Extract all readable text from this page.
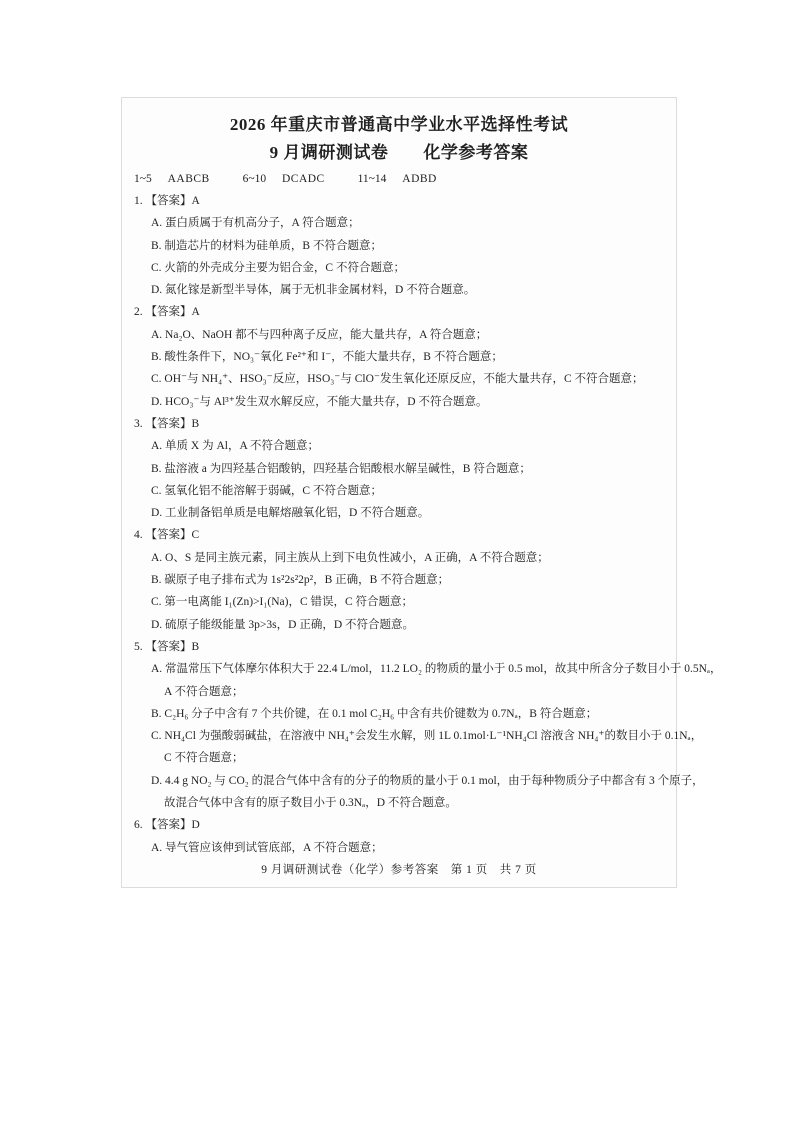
2026 年重庆市普通高中学业水平选择性考试
9 月调研测试卷　　化学参考答案
1~5 AABCB	6~10 DCADC	11~14 ADBD
1. 【答案】A
A. 蛋白质属于有机高分子，A 符合题意；
B. 制造芯片的材料为硅单质，B 不符合题意；
C. 火箭的外壳成分主要为铝合金，C 不符合题意；
D. 氮化镓是新型半导体，属于无机非金属材料，D 不符合题意。
2. 【答案】A
A. Na₂O、NaOH 都不与四种离子反应，能大量共存，A 符合题意；
B. 酸性条件下，NO₃⁻氧化 Fe²⁺和 I⁻，不能大量共存，B 不符合题意；
C. OH⁻与 NH₄⁺、HSO₃⁻反应，HSO₃⁻与 ClO⁻发生氧化还原反应，不能大量共存，C 不符合题意；
D. HCO₃⁻与 Al³⁺发生双水解反应，不能大量共存，D 不符合题意。
3. 【答案】B
A. 单质 X 为 Al，A 不符合题意；
B. 盐溶液 a 为四羟基合铝酸钠，四羟基合铝酸根水解呈碱性，B 符合题意；
C. 氢氧化铝不能溶解于弱碱，C 不符合题意；
D. 工业制备铝单质是电解熔融氧化铝，D 不符合题意。
4. 【答案】C
A. O、S 是同主族元素，同主族从上到下电负性减小，A 正确，A 不符合题意；
B. 碳原子电子排布式为 1s²2s²2p²，B 正确，B 不符合题意；
C. 第一电离能 I₁(Zn)>I₁(Na)，C 错误，C 符合题意；
D. 硫原子能级能量 3p>3s，D 正确，D 不符合题意。
5. 【答案】B
A. 常温常压下气体摩尔体积大于 22.4 L/mol，11.2 LO₂ 的物质的量小于 0.5 mol，故其中所含分子数目小于 0.5Nₐ，
A 不符合题意；
B. C₂H₆ 分子中含有 7 个共价键，在 0.1 mol C₂H₆ 中含有共价键数为 0.7Nₐ，B 符合题意；
C. NH₄Cl 为强酸弱碱盐，在溶液中 NH₄⁺会发生水解，则 1L 0.1mol·L⁻¹NH₄Cl 溶液含 NH₄⁺的数目小于 0.1Nₐ，
C 不符合题意；
D. 4.4 g NO₂ 与 CO₂ 的混合气体中含有的分子的物质的量小于 0.1 mol，由于每种物质分子中都含有 3 个原子，
故混合气体中含有的原子数目小于 0.3Nₐ，D 不符合题意。
6. 【答案】D
A. 导气管应该伸到试管底部，A 不符合题意；
9 月调研测试卷（化学）参考答案　第 1 页　共 7 页
